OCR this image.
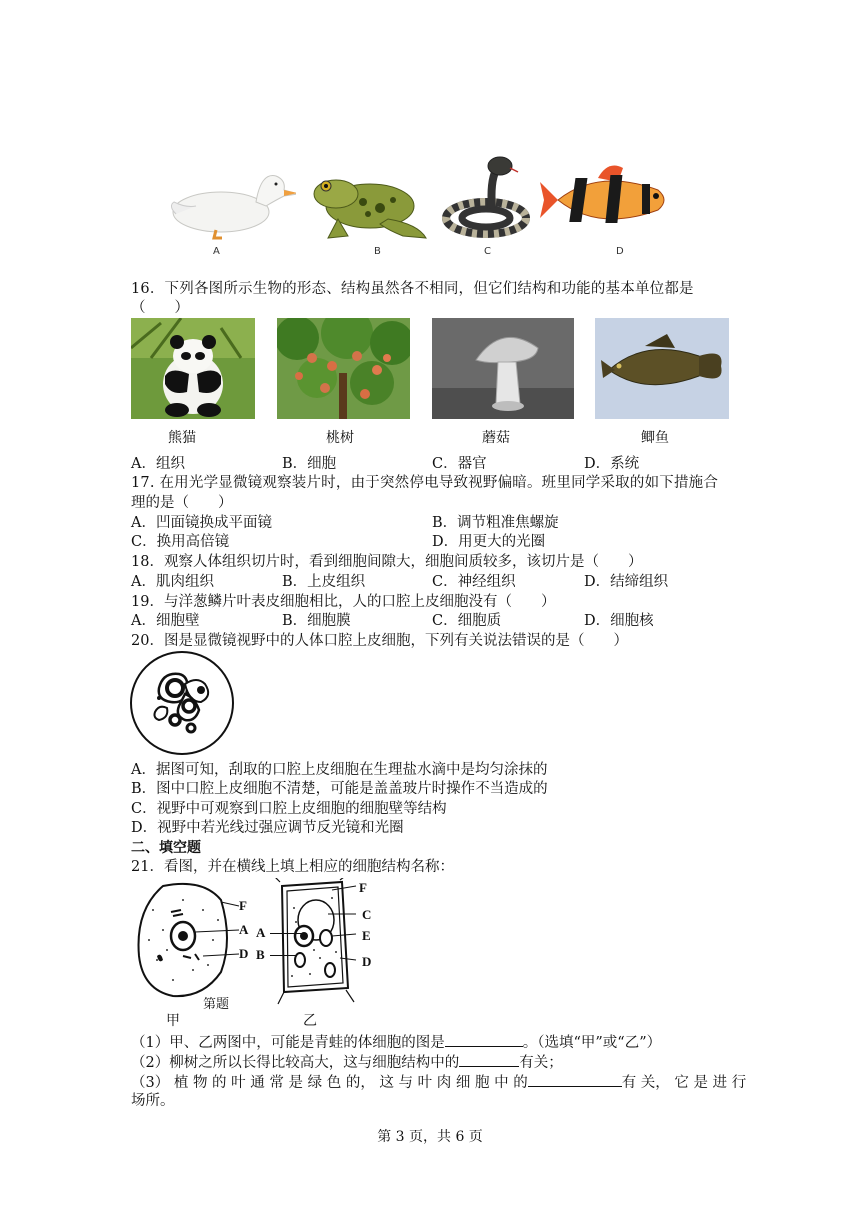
A	B	C	D
16．下列各图所示生物的形态、结构虽然各不相同，但它们结构和功能的基本单位都是
（　　）
熊猫	桃树	蘑菇	鲫鱼
A．组织	B．细胞	C．器官	D．系统
17. 在用光学显微镜观察装片时，由于突然停电导致视野偏暗。班里同学采取的如下措施合
理的是（　　）
A．凹面镜换成平面镜	B．调节粗准焦螺旋
C．换用高倍镜	D．用更大的光圈
18．观察人体组织切片时，看到细胞间隙大，细胞间质较多，该切片是（　　）
A．肌肉组织	B．上皮组织	C．神经组织	D．结缔组织
19．与洋葱鳞片叶表皮细胞相比，人的口腔上皮细胞没有（　　）
A．细胞壁	B．细胞膜	C．细胞质	D．细胞核
20．图是显微镜视野中的人体口腔上皮细胞，下列有关说法错误的是（　　）
A．据图可知，刮取的口腔上皮细胞在生理盐水滴中是均匀涂抹的
B．图中口腔上皮细胞不清楚，可能是盖盖玻片时操作不当造成的
C．视野中可观察到口腔上皮细胞的细胞壁等结构
D．视野中若光线过强应调节反光镜和光圈
二、填空题
21．看图，并在横线上填上相应的细胞结构名称：
F
A
D
甲
第题
F
C
E
D
A
B
乙
（1）甲、乙两图中，可能是青蛙的体细胞的图是	。（选填“甲”或“乙”）
（2）柳树之所以长得比较高大，这与细胞结构中的	有关；
（3） 植 物 的 叶 通 常 是 绿 色 的， 这 与 叶 肉 细 胞 中 的	有 关， 它 是 进 行
场所。
第 3 页，共 6 页
